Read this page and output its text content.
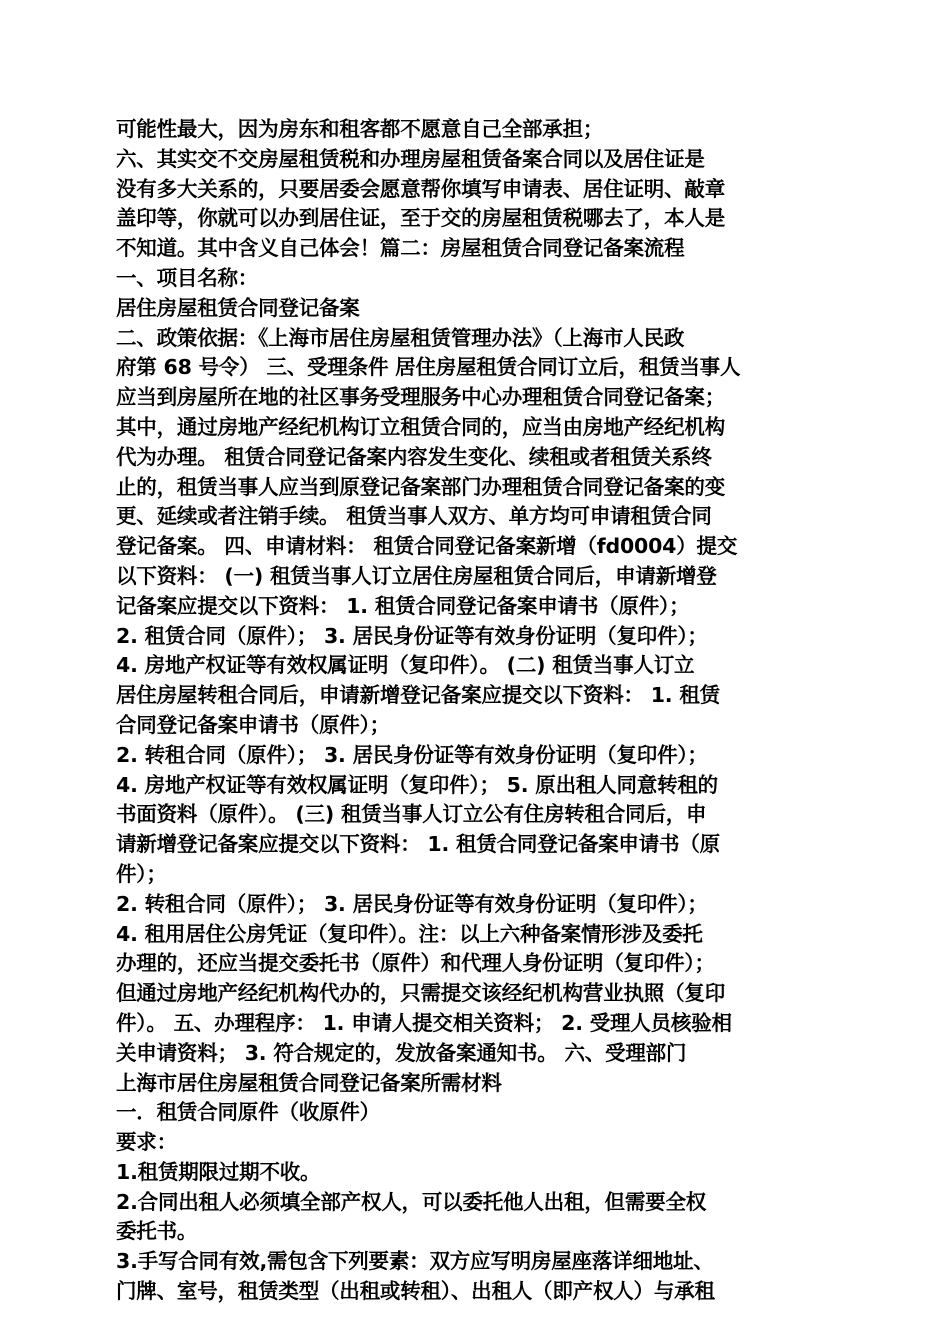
可能性最大，因为房东和租客都不愿意自己全部承担；
六、其实交不交房屋租赁税和办理房屋租赁备案合同以及居住证是
没有多大关系的，只要居委会愿意帮你填写申请表、居住证明、敲章
盖印等，你就可以办到居住证，至于交的房屋租赁税哪去了，本人是
不知道。其中含义自己体会！篇二：房屋租赁合同登记备案流程
一、项目名称：
居住房屋租赁合同登记备案
二、政策依据：《上海市居住房屋租赁管理办法》（上海市人民政
府第 68 号令） 三、受理条件 居住房屋租赁合同订立后，租赁当事人
应当到房屋所在地的社区事务受理服务中心办理租赁合同登记备案；
其中，通过房地产经纪机构订立租赁合同的，应当由房地产经纪机构
代为办理。 租赁合同登记备案内容发生变化、续租或者租赁关系终
止的，租赁当事人应当到原登记备案部门办理租赁合同登记备案的变
更、延续或者注销手续。 租赁当事人双方、单方均可申请租赁合同
登记备案。 四、申请材料： 租赁合同登记备案新增（fd0004）提交
以下资料： (一) 租赁当事人订立居住房屋租赁合同后，申请新增登
记备案应提交以下资料： 1. 租赁合同登记备案申请书（原件）；
2. 租赁合同（原件）； 3. 居民身份证等有效身份证明（复印件）；
4. 房地产权证等有效权属证明（复印件）。 (二) 租赁当事人订立
居住房屋转租合同后，申请新增登记备案应提交以下资料： 1. 租赁
合同登记备案申请书（原件）；
2. 转租合同（原件）； 3. 居民身份证等有效身份证明（复印件）；
4. 房地产权证等有效权属证明（复印件）； 5. 原出租人同意转租的
书面资料（原件）。 (三) 租赁当事人订立公有住房转租合同后，申
请新增登记备案应提交以下资料： 1. 租赁合同登记备案申请书（原
件）；
2. 转租合同（原件）； 3. 居民身份证等有效身份证明（复印件）；
4. 租用居住公房凭证（复印件）。注：以上六种备案情形涉及委托
办理的，还应当提交委托书（原件）和代理人身份证明（复印件）；
但通过房地产经纪机构代办的，只需提交该经纪机构营业执照（复印
件）。 五、办理程序： 1. 申请人提交相关资料； 2. 受理人员核验相
关申请资料； 3. 符合规定的，发放备案通知书。 六、受理部门
上海市居住房屋租赁合同登记备案所需材料
一．租赁合同原件（收原件）
要求：
1.租赁期限过期不收。
2.合同出租人必须填全部产权人，可以委托他人出租，但需要全权
委托书。
3.手写合同有效,需包含下列要素：双方应写明房屋座落详细地址、
门牌、室号，租赁类型（出租或转租）、出租人（即产权人）与承租
